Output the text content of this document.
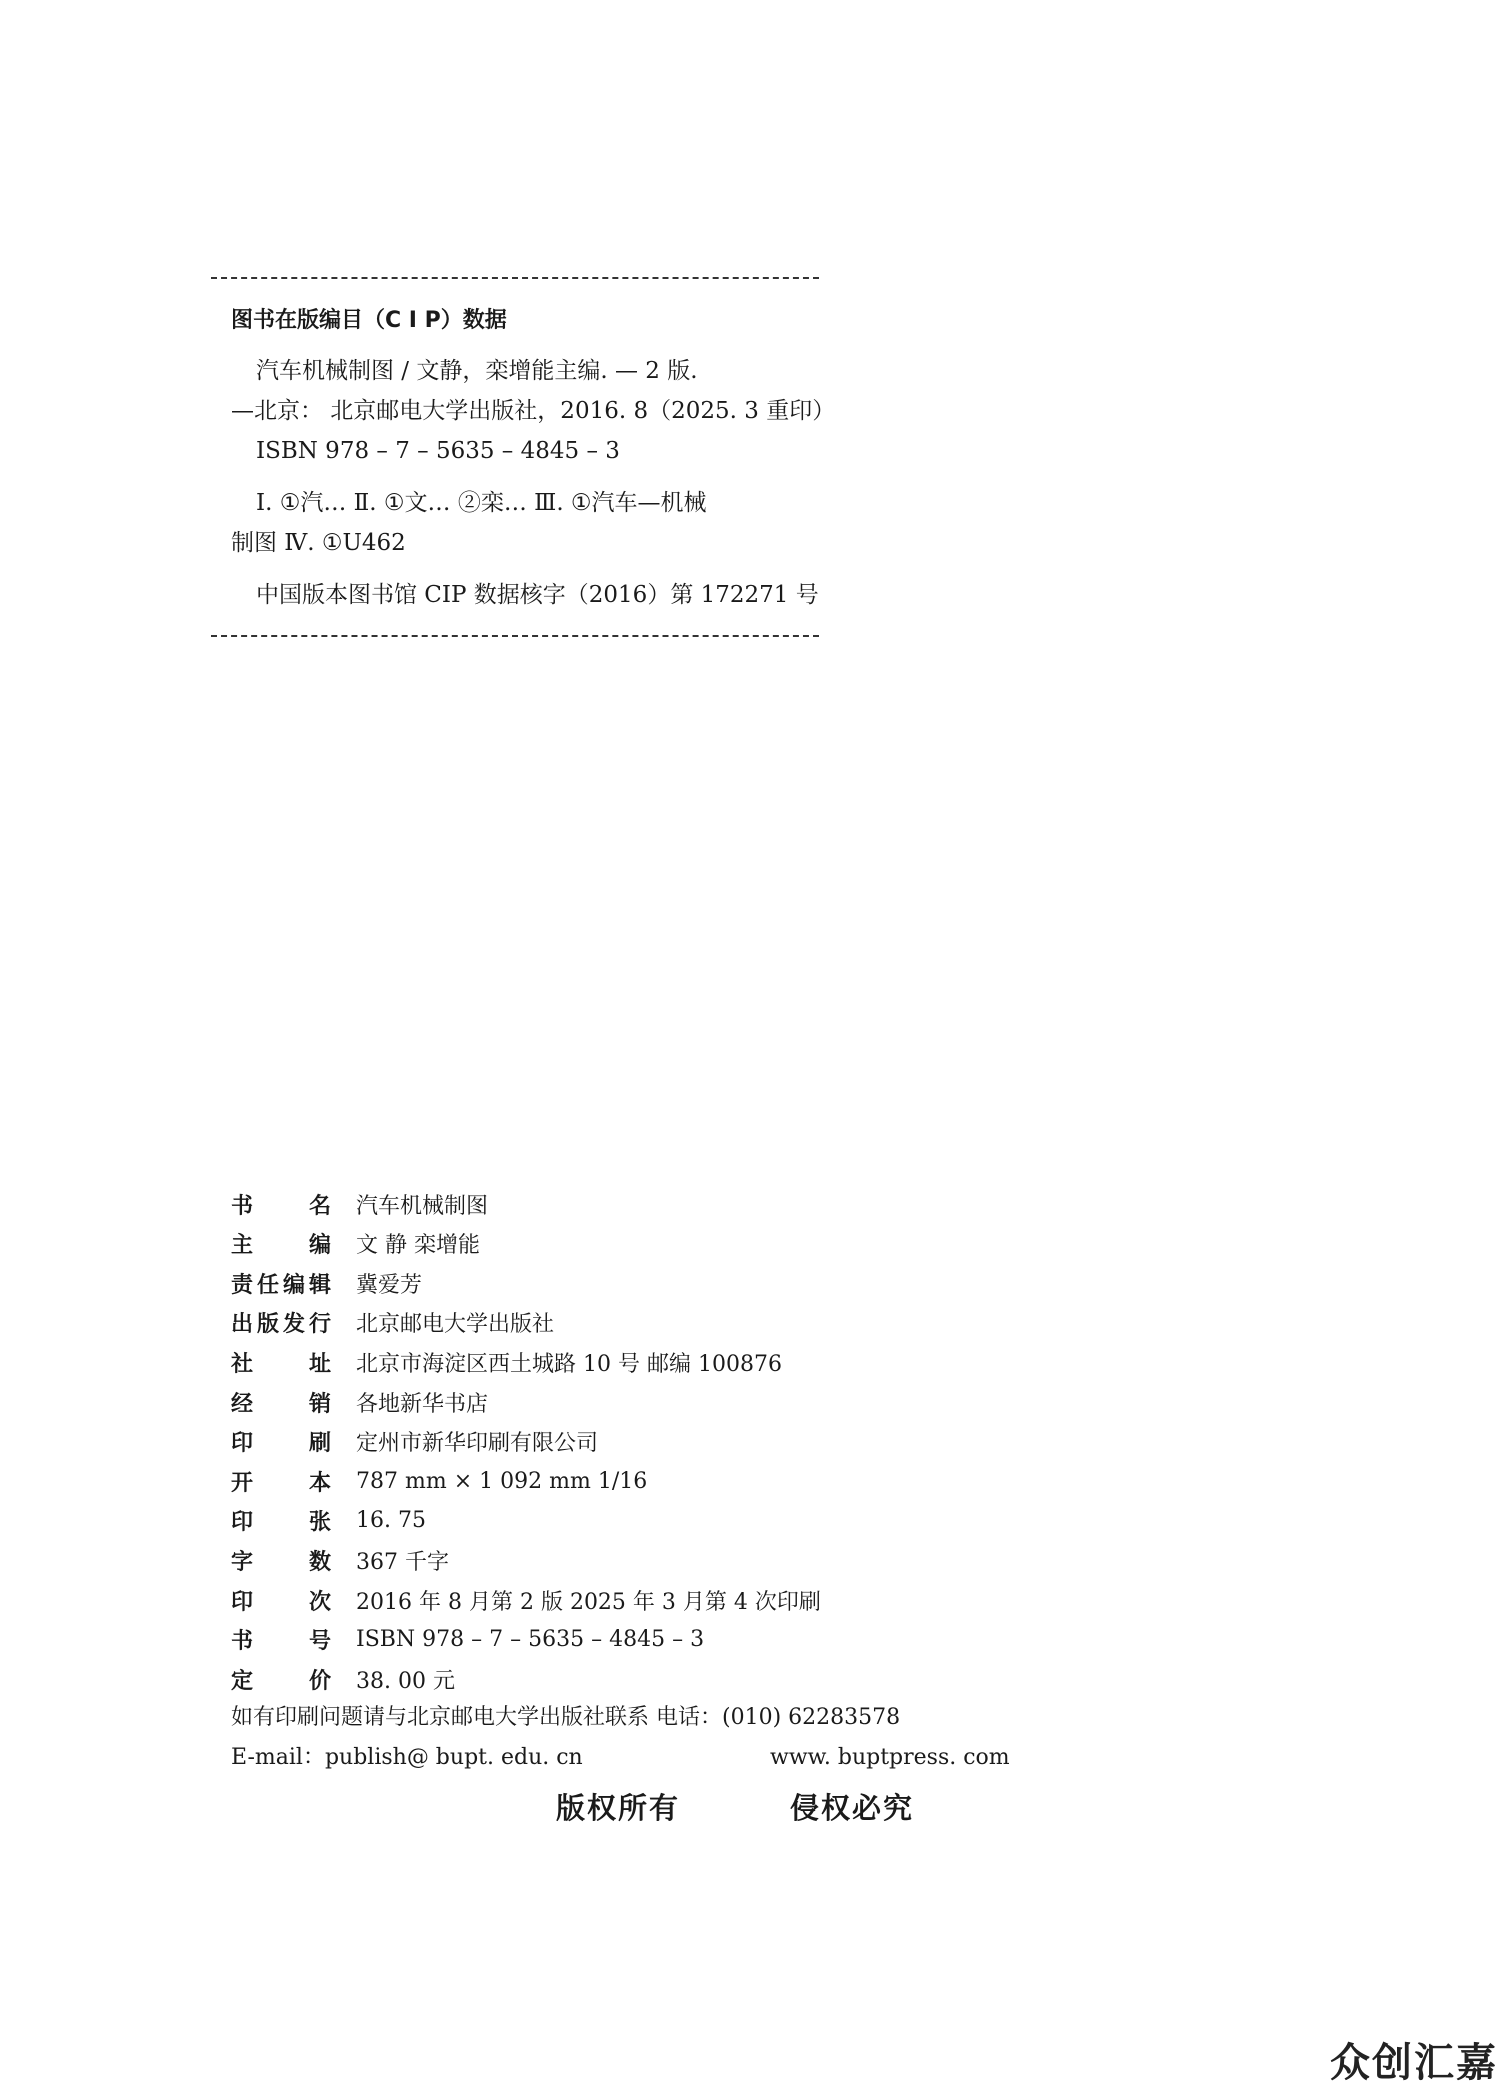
图书在版编目（C I P）数据
汽车机械制图 / 文静，栾增能主编. — 2 版.
—北京： 北京邮电大学出版社，2016. 8（2025. 3 重印）
ISBN 978 – 7 – 5635 – 4845 – 3
Ⅰ. ①汽… Ⅱ. ①文… ②栾… Ⅲ. ①汽车—机械
制图 Ⅳ. ①U462
中国版本图书馆 CIP 数据核字（2016）第 172271 号
书	名 汽车机械制图
主	编 文 静 栾增能
责 任 编 辑 冀爱芳
出 版 发 行 北京邮电大学出版社
社	址 北京市海淀区西土城路 10 号 邮编 100876
经	销 各地新华书店
印	刷 定州市新华印刷有限公司
开	本 787 mm × 1 092 mm 1/16
印	张 16. 75
字	数 367 千字
印	次 2016 年 8 月第 2 版 2025 年 3 月第 4 次印刷
书	号 ISBN 978 – 7 – 5635 – 4845 – 3
定	价 38. 00 元
如有印刷问题请与北京邮电大学出版社联系 电话：(010) 62283578
E-mail：publish@ bupt. edu. cn	www. buptpress. com
版权所有	侵权必究
众创汇嘉
